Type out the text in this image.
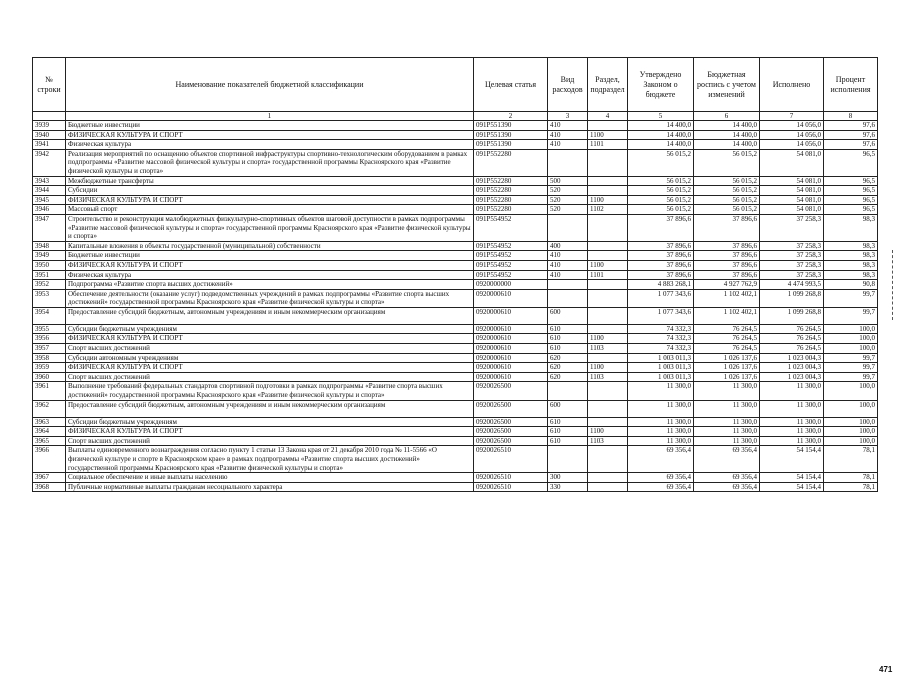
№ строки	Наименование показателей бюджетной классификации	Целевая статья	Вид расходов	Раздел, подраздел	Утверждено Законом о бюджете	Бюджетная роспись с учетом изменений	Исполнено	Процент исполнения
	1	2	3	4	5	6	7	8
3939	Бюджетные инвестиции	091Р551390	410		14 400,0	14 400,0	14 056,0	97,6
3940	ФИЗИЧЕСКАЯ КУЛЬТУРА И СПОРТ	091Р551390	410	1100	14 400,0	14 400,0	14 056,0	97,6
3941	Физическая культура	091Р551390	410	1101	14 400,0	14 400,0	14 056,0	97,6
3942	Реализация мероприятий по оснащению объектов спортивной инфраструктуры спортивно-технологическим оборудованием в рамках подпрограммы «Развитие массовой физической культуры и спорта» государственной программы Красноярского края «Развитие физической культуры и спорта»	091Р552280			56 015,2	56 015,2	54 081,0	96,5
3943	Межбюджетные трансферты	091Р552280	500		56 015,2	56 015,2	54 081,0	96,5
3944	Субсидии	091Р552280	520		56 015,2	56 015,2	54 081,0	96,5
3945	ФИЗИЧЕСКАЯ КУЛЬТУРА И СПОРТ	091Р552280	520	1100	56 015,2	56 015,2	54 081,0	96,5
3946	Массовый спорт	091Р552280	520	1102	56 015,2	56 015,2	54 081,0	96,5
3947	Строительство и реконструкция малобюджетных физкультурно-спортивных объектов шаговой доступности в рамках подпрограммы «Развитие массовой физической культуры и спорта» государственной программы Красноярского края «Развитие физической культуры и спорта»	091Р554952			37 896,6	37 896,6	37 258,3	98,3
3948	Капитальные вложения в объекты государственной (муниципальной) собственности	091Р554952	400		37 896,6	37 896,6	37 258,3	98,3
3949	Бюджетные инвестиции	091Р554952	410		37 896,6	37 896,6	37 258,3	98,3
3950	ФИЗИЧЕСКАЯ КУЛЬТУРА И СПОРТ	091Р554952	410	1100	37 896,6	37 896,6	37 258,3	98,3
3951	Физическая культура	091Р554952	410	1101	37 896,6	37 896,6	37 258,3	98,3
3952	Подпрограмма «Развитие спорта высших достижений»	0920000000			4 883 268,1	4 927 762,9	4 474 993,5	90,8
3953	Обеспечение деятельности (оказание услуг) подведомственных учреждений в рамках подпрограммы «Развитие спорта высших достижений» государственной программы Красноярского края «Развитие физической культуры и спорта»	0920000610			1 077 343,6	1 102 402,1	1 099 268,8	99,7
3954	Предоставление субсидий бюджетным, автономным учреждениям и иным некоммерческим организациям	0920000610	600		1 077 343,6	1 102 402,1	1 099 268,8	99,7
3955	Субсидии бюджетным учреждениям	0920000610	610		74 332,3	76 264,5	76 264,5	100,0
3956	ФИЗИЧЕСКАЯ КУЛЬТУРА И СПОРТ	0920000610	610	1100	74 332,3	76 264,5	76 264,5	100,0
3957	Спорт высших достижений	0920000610	610	1103	74 332,3	76 264,5	76 264,5	100,0
3958	Субсидии автономным учреждениям	0920000610	620		1 003 011,3	1 026 137,6	1 023 004,3	99,7
3959	ФИЗИЧЕСКАЯ КУЛЬТУРА И СПОРТ	0920000610	620	1100	1 003 011,3	1 026 137,6	1 023 004,3	99,7
3960	Спорт высших достижений	0920000610	620	1103	1 003 011,3	1 026 137,6	1 023 004,3	99,7
3961	Выполнение требований федеральных стандартов спортивной подготовки в рамках подпрограммы «Развитие спорта высших достижений» государственной программы Красноярского края «Развитие физической культуры и спорта»	0920026500			11 300,0	11 300,0	11 300,0	100,0
3962	Предоставление субсидий бюджетным, автономным учреждениям и иным некоммерческим организациям	0920026500	600		11 300,0	11 300,0	11 300,0	100,0
3963	Субсидии бюджетным учреждениям	0920026500	610		11 300,0	11 300,0	11 300,0	100,0
3964	ФИЗИЧЕСКАЯ КУЛЬТУРА И СПОРТ	0920026500	610	1100	11 300,0	11 300,0	11 300,0	100,0
3965	Спорт высших достижений	0920026500	610	1103	11 300,0	11 300,0	11 300,0	100,0
3966	Выплаты единовременного вознаграждения согласно пункту 1 статьи 13 Закона края от 21 декабря 2010 года № 11-5566 «О физической культуре и спорте в Красноярском крае» в рамках подпрограммы «Развитие спорта высших достижений» государственной программы Красноярского края «Развитие физической культуры и спорта»	0920026510			69 356,4	69 356,4	54 154,4	78,1
3967	Социальное обеспечение и иные выплаты населению	0920026510	300		69 356,4	69 356,4	54 154,4	78,1
3968	Публичные нормативные выплаты гражданам несоциального характера	0920026510	330		69 356,4	69 356,4	54 154,4	78,1
471
